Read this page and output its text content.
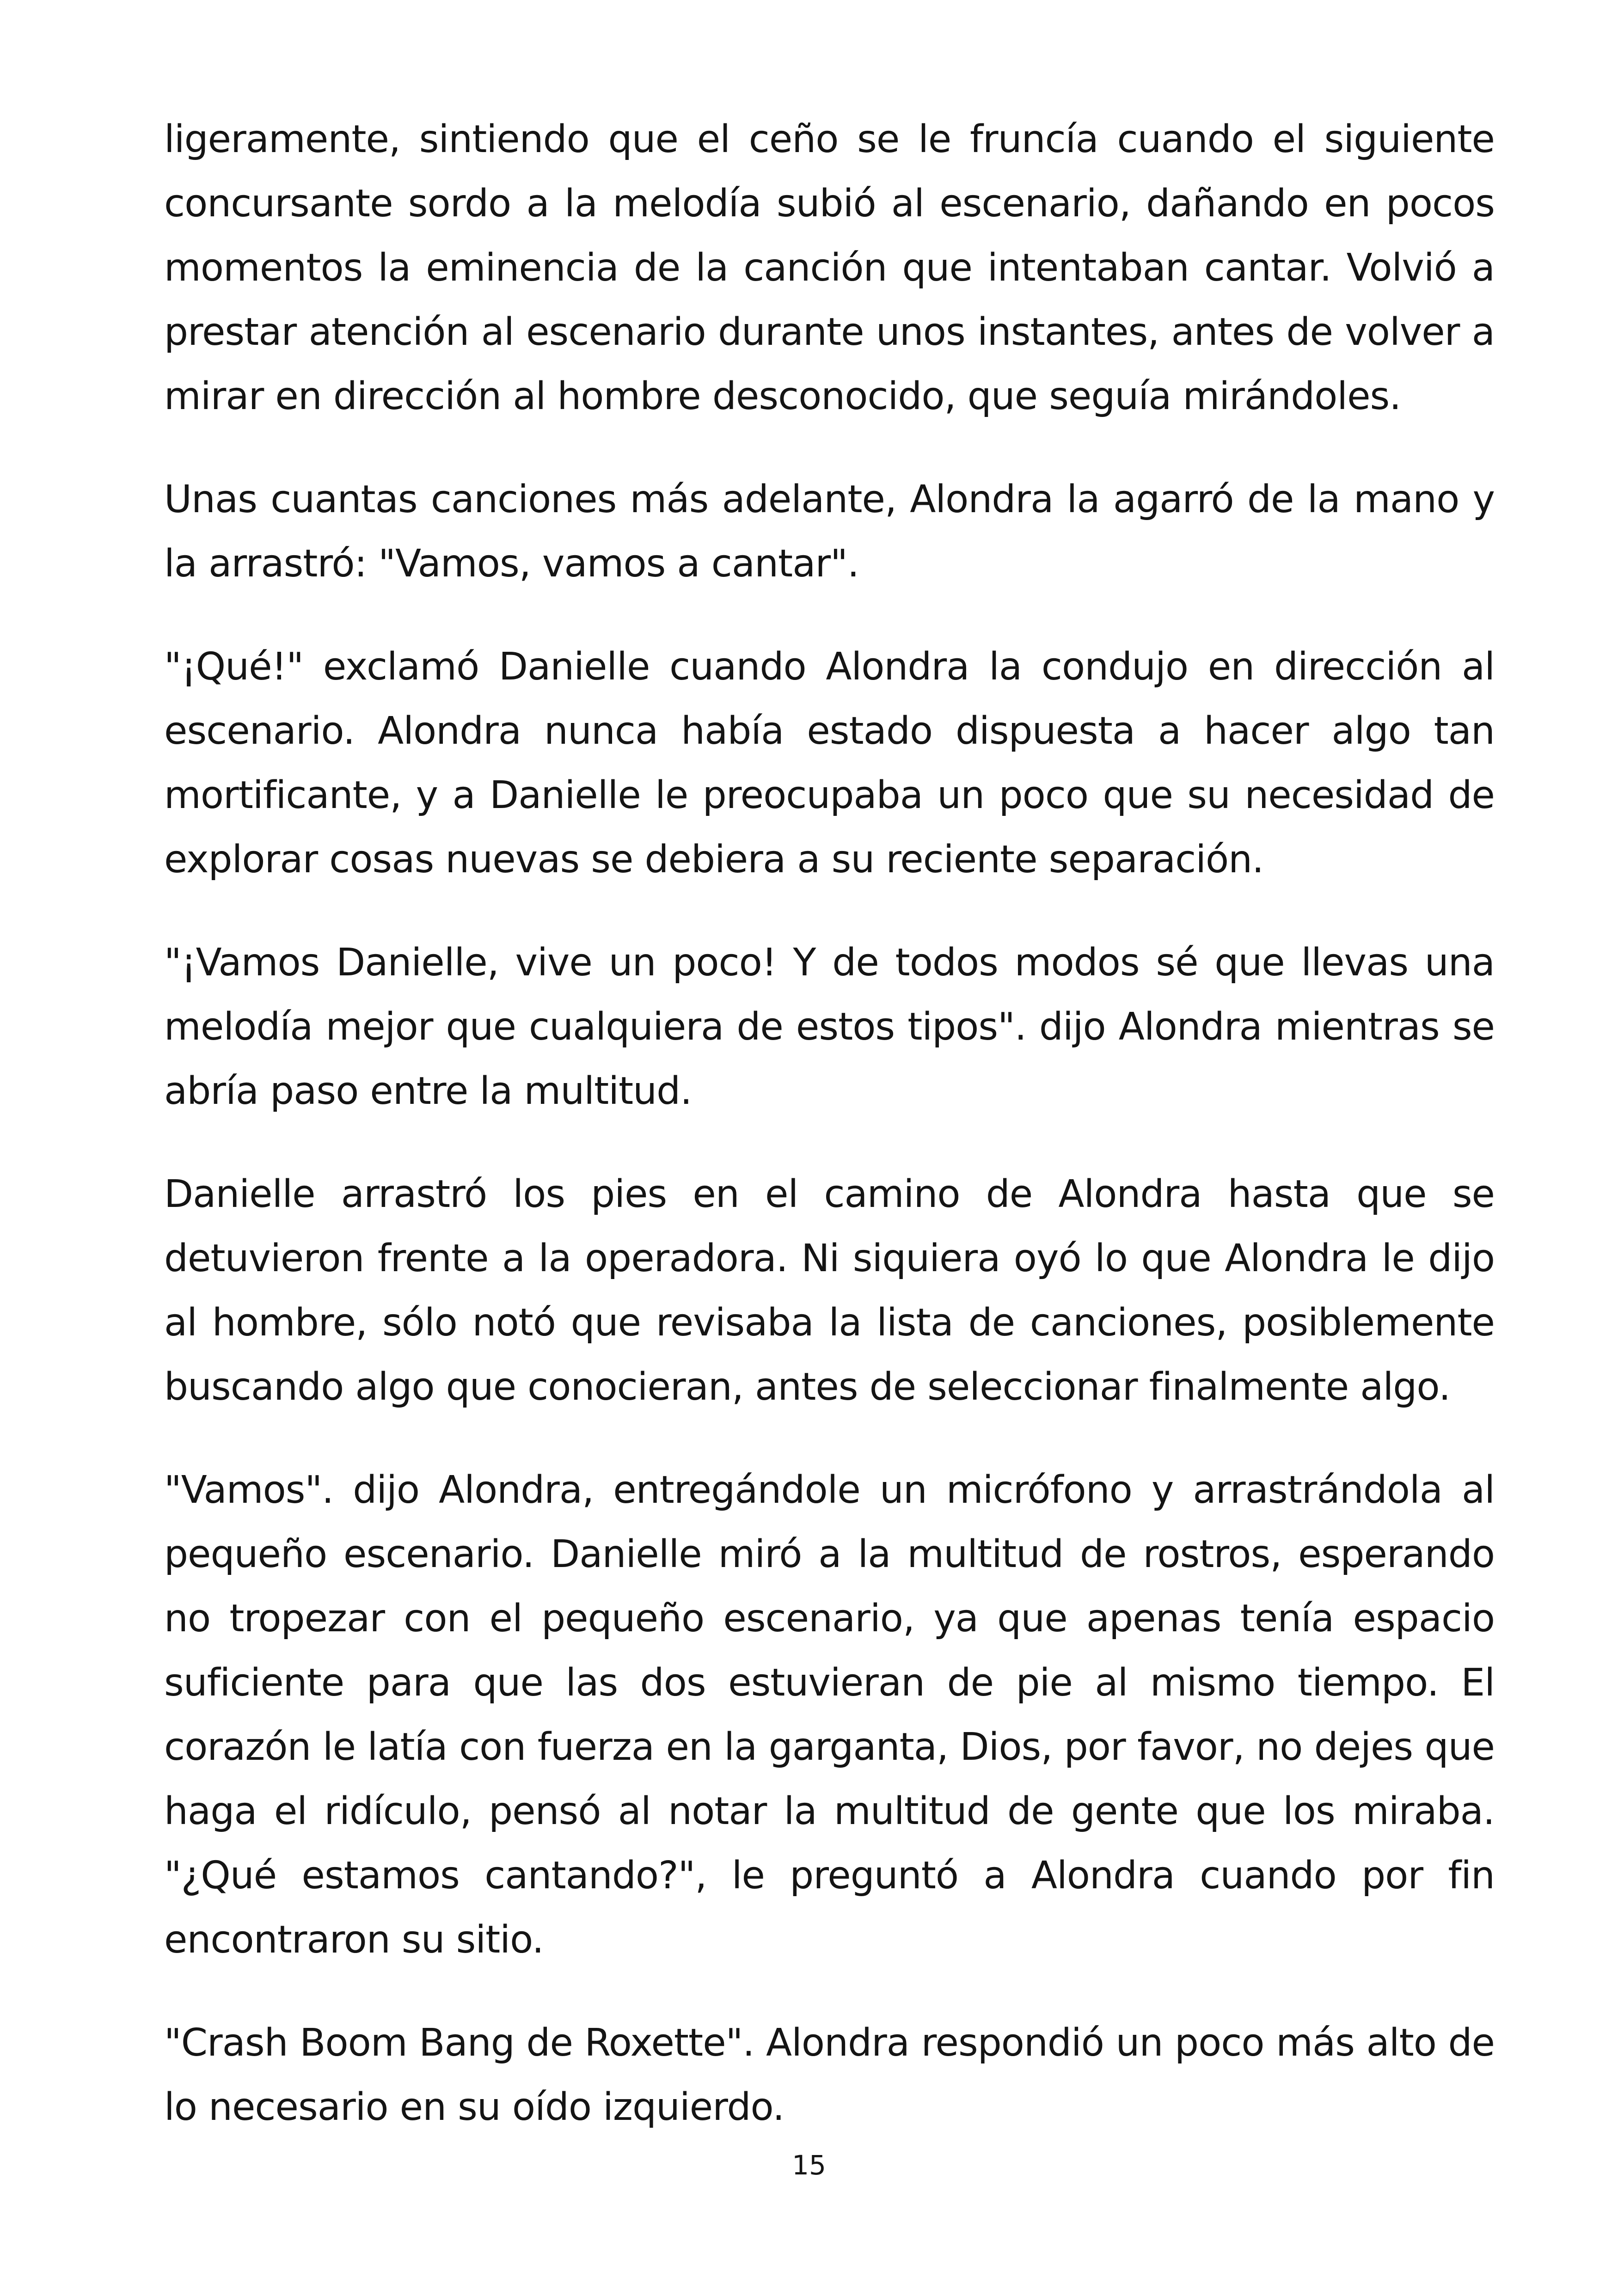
ligeramente, sintiendo que el ceño se le fruncía cuando el siguiente concursante sordo a la melodía subió al escenario, dañando en pocos momentos la eminencia de la canción que intentaban cantar. Volvió a prestar atención al escenario durante unos instantes, antes de volver a mirar en dirección al hombre desconocido, que seguía mirándoles.

Unas cuantas canciones más adelante, Alondra la agarró de la mano y la arrastró: "Vamos, vamos a cantar".

"¡Qué!" exclamó Danielle cuando Alondra la condujo en dirección al escenario. Alondra nunca había estado dispuesta a hacer algo tan mortificante, y a Danielle le preocupaba un poco que su necesidad de explorar cosas nuevas se debiera a su reciente separación.

"¡Vamos Danielle, vive un poco! Y de todos modos sé que llevas una melodía mejor que cualquiera de estos tipos". dijo Alondra mientras se abría paso entre la multitud.

Danielle arrastró los pies en el camino de Alondra hasta que se detuvieron frente a la operadora. Ni siquiera oyó lo que Alondra le dijo al hombre, sólo notó que revisaba la lista de canciones, posiblemente buscando algo que conocieran, antes de seleccionar finalmente algo.

"Vamos". dijo Alondra, entregándole un micrófono y arrastrándola al pequeño escenario. Danielle miró a la multitud de rostros, esperando no tropezar con el pequeño escenario, ya que apenas tenía espacio suficiente para que las dos estuvieran de pie al mismo tiempo. El corazón le latía con fuerza en la garganta, Dios, por favor, no dejes que haga el ridículo, pensó al notar la multitud de gente que los miraba. "¿Qué estamos cantando?", le preguntó a Alondra cuando por fin encontraron su sitio.

"Crash Boom Bang de Roxette". Alondra respondió un poco más alto de lo necesario en su oído izquierdo.

15
